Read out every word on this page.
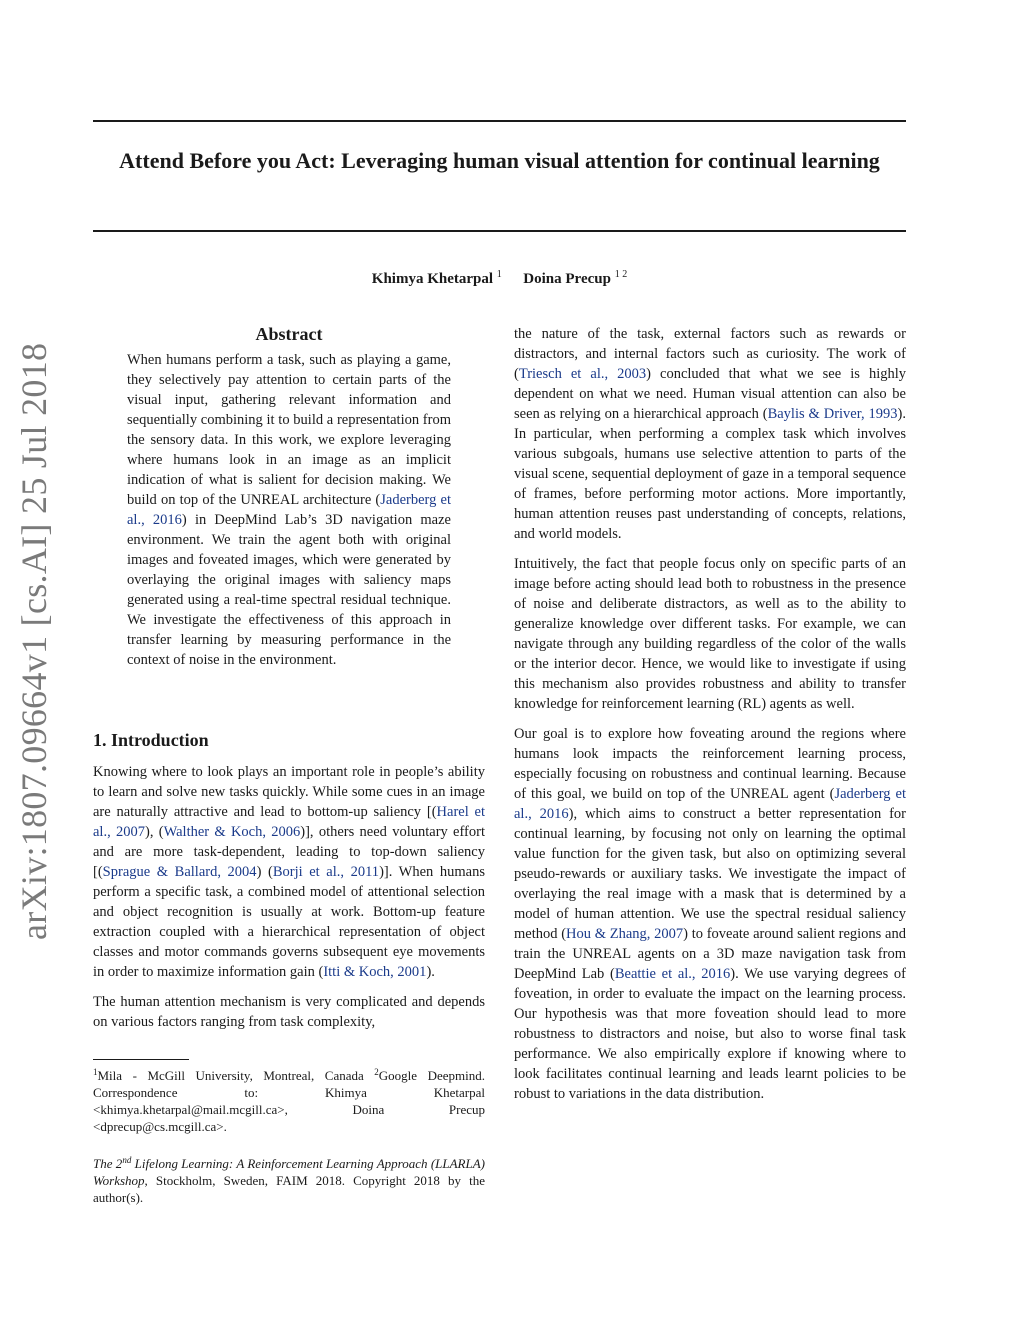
Attend Before you Act: Leveraging human visual attention for continual learning
Khimya Khetarpal $^1$ Doina Precup $^{1 2}$
arXiv:1807.09664v1 [cs.AI] 25 Jul 2018
Abstract

When humans perform a task, such as playing a game, they selectively pay attention to certain parts of the visual input, gathering relevant information and sequentially combining it to build a representation from the sensory data. In this work, we explore leveraging where humans look in an image as an implicit indication of what is salient for decision making. We build on top of the UNREAL architecture (Jaderberg et al., 2016) in DeepMind Lab’s 3D navigation maze environment. We train the agent both with original images and foveated images, which were generated by overlaying the original images with saliency maps generated using a real-time spectral residual technique. We investigate the effectiveness of this approach in transfer learning by measuring performance in the context of noise in the environment.

1. Introduction

Knowing where to look plays an important role in people’s ability to learn and solve new tasks quickly. While some cues in an image are naturally attractive and lead to bottom-up saliency [(Harel et al., 2007), (Walther & Koch, 2006)], others need voluntary effort and are more task-dependent, leading to top-down saliency [(Sprague & Ballard, 2004) (Borji et al., 2011)]. When humans perform a specific task, a combined model of attentional selection and object recognition is usually at work. Bottom-up feature extraction coupled with a hierarchical representation of object classes and motor commands governs subsequent eye movements in order to maximize information gain (Itti & Koch, 2001).

The human attention mechanism is very complicated and depends on various factors ranging from task complexity,

$^1$Mila - McGill University, Montreal, Canada $^2$Google Deepmind. Correspondence to: Khimya Khetarpal <khimya.khetarpal@mail.mcgill.ca>, Doina Precup <dprecup@cs.mcgill.ca>.

The 2nd Lifelong Learning: A Reinforcement Learning Approach (LLARLA) Workshop, Stockholm, Sweden, FAIM 2018. Copyright 2018 by the author(s).

the nature of the task, external factors such as rewards or distractors, and internal factors such as curiosity. The work of (Triesch et al., 2003) concluded that what we see is highly dependent on what we need. Human visual attention can also be seen as relying on a hierarchical approach (Baylis & Driver, 1993). In particular, when performing a complex task which involves various subgoals, humans use selective attention to parts of the visual scene, sequential deployment of gaze in a temporal sequence of frames, before performing motor actions. More importantly, human attention reuses past understanding of concepts, relations, and world models.

Intuitively, the fact that people focus only on specific parts of an image before acting should lead both to robustness in the presence of noise and deliberate distractors, as well as to the ability to generalize knowledge over different tasks. For example, we can navigate through any building regardless of the color of the walls or the interior decor. Hence, we would like to investigate if using this mechanism also provides robustness and ability to transfer knowledge for reinforcement learning (RL) agents as well.

Our goal is to explore how foveating around the regions where humans look impacts the reinforcement learning process, especially focusing on robustness and continual learning. Because of this goal, we build on top of the UNREAL agent (Jaderberg et al., 2016), which aims to construct a better representation for continual learning, by focusing not only on learning the optimal value function for the given task, but also on optimizing several pseudo-rewards or auxiliary tasks. We investigate the impact of overlaying the real image with a mask that is determined by a model of human attention. We use the spectral residual saliency method (Hou & Zhang, 2007) to foveate around salient regions and train the UNREAL agents on a 3D maze navigation task from DeepMind Lab (Beattie et al., 2016). We use varying degrees of foveation, in order to evaluate the impact on the learning process. Our hypothesis was that more foveation should lead to more robustness to distractors and noise, but also to worse final task performance. We also empirically explore if knowing where to look facilitates continual learning and leads learnt policies to be robust to variations in the data distribution.
